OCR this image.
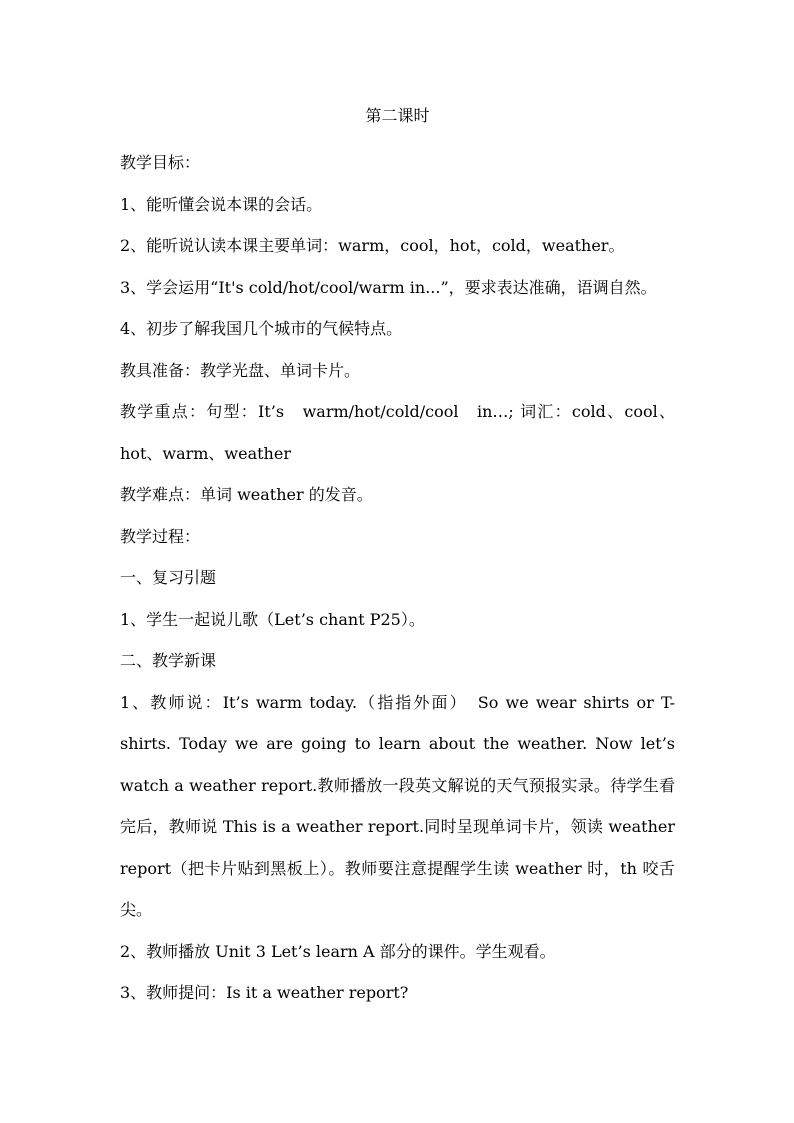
第二课时

教学目标：

1、能听懂会说本课的会话。

2、能听说认读本课主要单词：warm，cool，hot，cold，weather。

3、学会运用“It's cold/hot/cool/warm in...”，要求表达准确，语调自然。

4、初步了解我国几个城市的气候特点。

教具准备：教学光盘、单词卡片。

教学重点：句型：It’s　warm/hot/cold/cool　in…; 词汇：cold、cool、hot、warm、weather

教学难点：单词 weather 的发音。

教学过程：

一、复习引题

1、学生一起说儿歌（Let’s chant P25）。

二、教学新课

1、教师说：It’s warm today.（指指外面）　So we wear shirts or T-shirts. Today we are going to learn about the weather. Now let’s watch a weather report.教师播放一段英文解说的天气预报实录。待学生看完后，教师说 This is a weather report.同时呈现单词卡片，领读 weather report（把卡片贴到黑板上）。教师要注意提醒学生读 weather 时，th 咬舌尖。

2、教师播放 Unit 3 Let’s learn A 部分的课件。学生观看。

3、教师提问：Is it a weather report?
